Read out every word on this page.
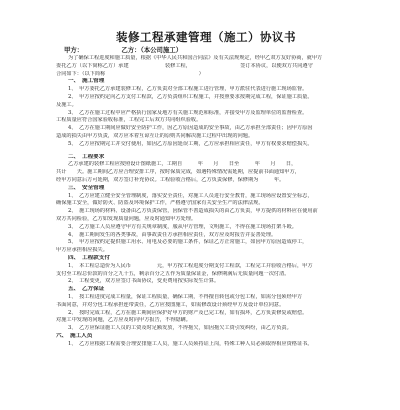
装修工程承建管理（施工）协议书
甲方：	乙方：（本公司施工）
为了确保工程进度和施工质量，根据《中华人民共和国合同法》及有关法规规定，经甲乙双方友好协商，就甲方
委托乙方（以下简称乙方）承建　　　　　　　装修工程，　　　　　　　　　　签订本协议，以便双方共同遵守
合同如下：（以下简称　　　　　　　　　　　　　　　　　　）
一、　施工管理
1、　甲方委托乙方承建装修工程，乙方负责对全部工程施工进行管理，甲方派驻代表进行施工现场监督。
2、　甲方应按约定向乙方支付工程款，乙方负责组织工程施工，并按照要求按期完成工程，保证施工质量。
及施工。
3、　乙方在施工过程中应严格执行国家及地方有关施工规范和标准，并接受甲方及监理单位的监督检查。
工程质量应符合国家验收标准，工程完工后双方共同组织验收。
4、　乙方在施工期间应做好安全防护工作，因乙方原因造成的安全事故，由乙方承担全部责任；因甲方原因
造成的损失由甲方负责，双方应本着互谅互让的原则共同解决施工过程中出现的问题。
5、　乙方应按期完工并交付使用，如因乙方原因延误工期，乙方应承担相应责任，甲方有权要求赔偿损失。
二、　工程要求
乙方承建的装修工程应按照设计图纸施工，工期自　　　年　　月　　日至　　　年　　月　　日，
共计　　天。施工期间乙方应合理安排工序，按时保质完成，如遇特殊情况需延期，应提前书面通知甲方，
经甲方同意后方可延期，双方签订补充协议。工程验收合格后，乙方负责保修，保修期为　　　年。
三、　安全管理
1、　乙方应建立健全安全管理制度，落实安全责任，对施工人员进行安全教育，施工现场应设置安全标志，
确保施工安全，做好防火、防盗及环境保护工作，严格遵守国家有关安全生产的法律法规。
2、　施工现场的材料、设备由乙方负责保管，因保管不善造成损失的由乙方负责，甲方提供的材料应在使用前
双方共同检验，乙方如发现质量问题，应及时通知甲方处理。
3、　乙方施工人员应遵守甲方有关规章制度，服从甲方管理，文明施工，不得在施工现场打架斗殴。
4、　施工期间发生的各类事故，由事故责任方承担相应责任，双方应及时报告并妥善处理。
5、　甲方应按约定提供施工用水、用电及必要的施工条件，保证乙方正常施工，如因甲方原因造成停工，
甲方应承担相应损失。
四、　工程款支付
1、　本工程总造价为人民币　　　　　元，甲方按工程进度分期支付工程款，工程完工并验收合格后，甲方
支付至工程总价款的百分之九十五，剩余百分之五作为质量保证金，保修期满后无质量问题一次付清。
2、　工程变更，双方应签订书面协议，变更费用按实际发生计算。
五、　乙方保证
1、　按工程进度完成工程量，保证工程质量，确保工期，不得擅自转包或分包工程，如需分包须经甲方
书面同意，并对分包工程承担连带责任，乙方应按图施工，如需修改设计须经甲方及设计单位同意。
2、　按时完成工程，乙方在施工期间应保护好甲方的财产及已完工程，如有损坏，乙方负责修复或赔偿。
对施工中发现的问题，乙方应及时向甲方报告，不得隐瞒。
3、　乙方应保证施工人员的工资及时足额发放，不得拖欠，如因拖欠工资引发纠纷，由乙方负责。
六、　施工人员
1、　乙方应根据工程需要合理安排施工人员，施工人员须持证上岗，特殊工种人员必须取得相应资格证书。
